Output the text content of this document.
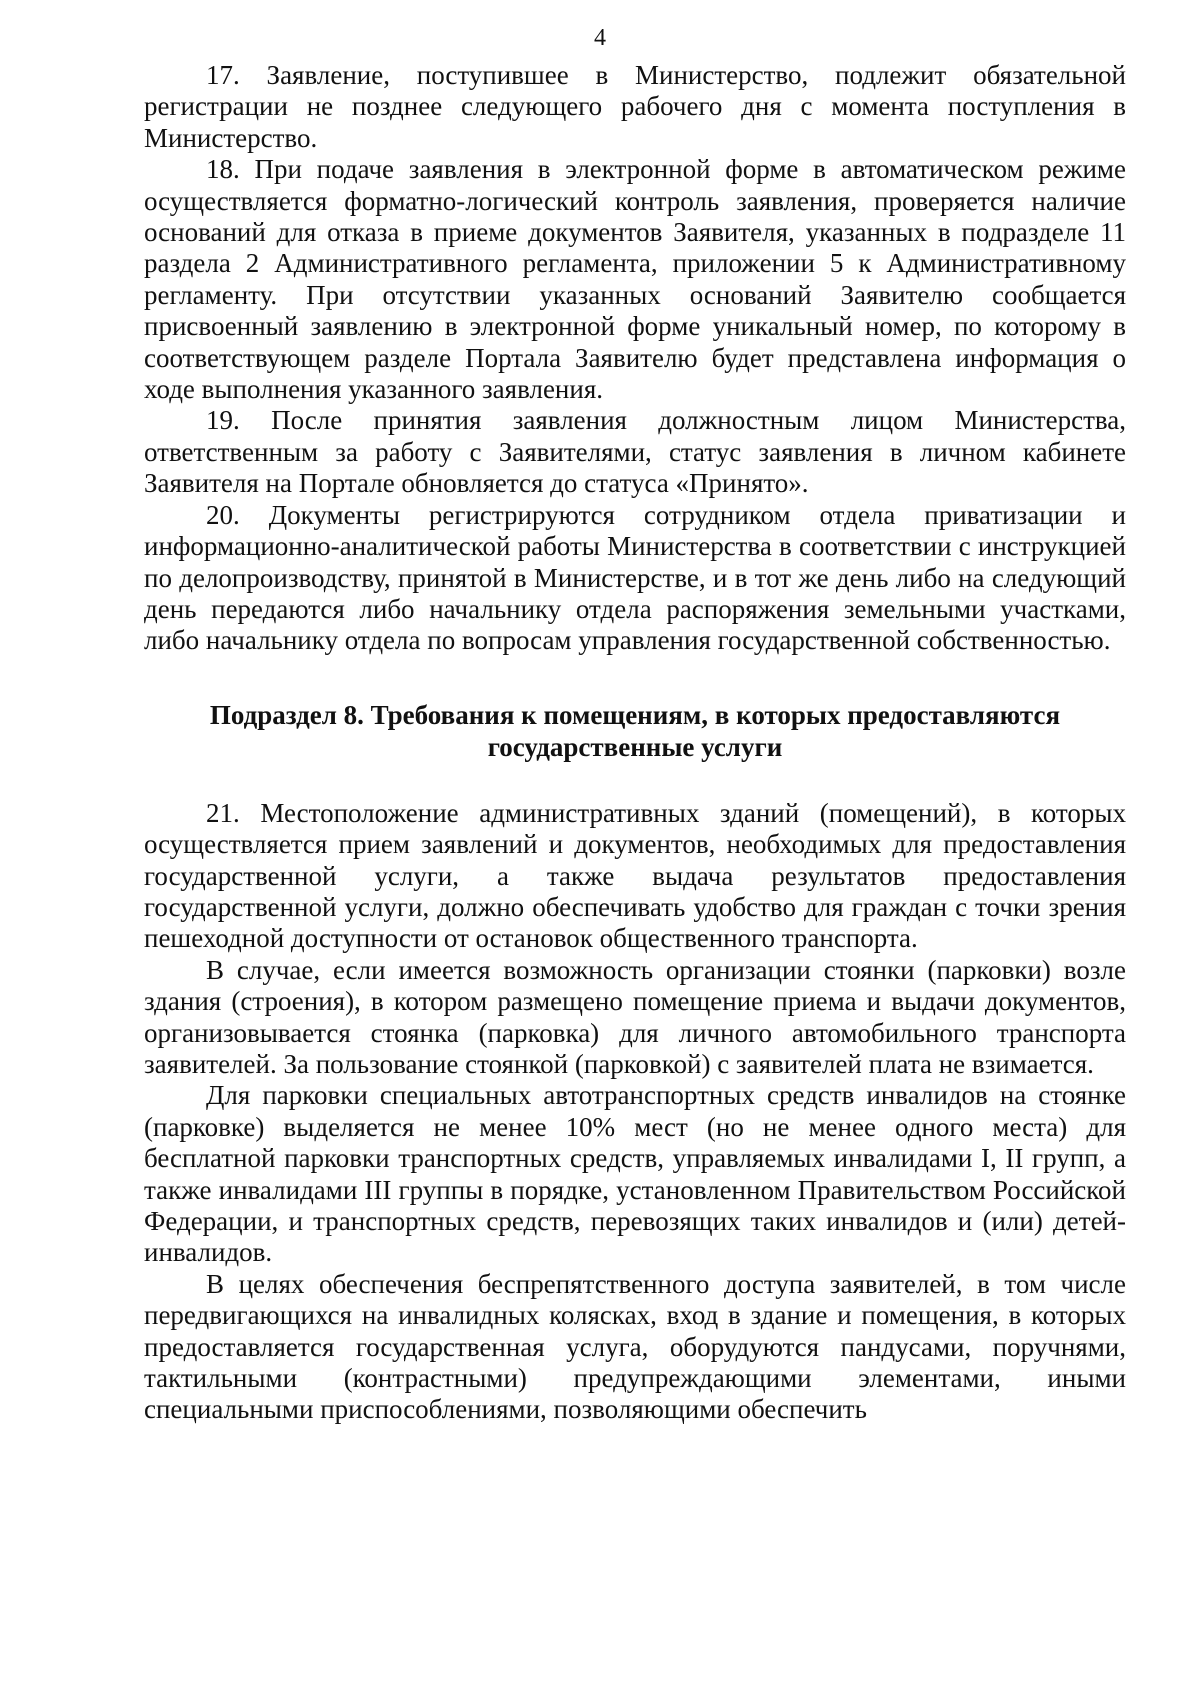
4

17. Заявление, поступившее в Министерство, подлежит обязательной регистрации не позднее следующего рабочего дня с момента поступления в Министерство.

18. При подаче заявления в электронной форме в автоматическом режиме осуществляется форматно-логический контроль заявления, проверяется наличие оснований для отказа в приеме документов Заявителя, указанных в подразделе 11 раздела 2 Административного регламента, приложении 5 к Административному регламенту. При отсутствии указанных оснований Заявителю сообщается присвоенный заявлению в электронной форме уникальный номер, по которому в соответствующем разделе Портала Заявителю будет представлена информация о ходе выполнения указанного заявления.

19. После принятия заявления должностным лицом Министерства, ответственным за работу с Заявителями, статус заявления в личном кабинете Заявителя на Портале обновляется до статуса «Принято».

20. Документы регистрируются сотрудником отдела приватизации и информационно-аналитической работы Министерства в соответствии с инструкцией по делопроизводству, принятой в Министерстве, и в тот же день либо на следующий день передаются либо начальнику отдела распоряжения земельными участками, либо начальнику отдела по вопросам управления государственной собственностью.

Подраздел 8. Требования к помещениям, в которых предоставляются государственные услуги

21. Местоположение административных зданий (помещений), в которых осуществляется прием заявлений и документов, необходимых для предоставления государственной услуги, а также выдача результатов предоставления государственной услуги, должно обеспечивать удобство для граждан с точки зрения пешеходной доступности от остановок общественного транспорта.

В случае, если имеется возможность организации стоянки (парковки) возле здания (строения), в котором размещено помещение приема и выдачи документов, организовывается стоянка (парковка) для личного автомобильного транспорта заявителей. За пользование стоянкой (парковкой) с заявителей плата не взимается.

Для парковки специальных автотранспортных средств инвалидов на стоянке (парковке) выделяется не менее 10% мест (но не менее одного места) для бесплатной парковки транспортных средств, управляемых инвалидами I, II групп, а также инвалидами III группы в порядке, установленном Правительством Российской Федерации, и транспортных средств, перевозящих таких инвалидов и (или) детей-инвалидов.

В целях обеспечения беспрепятственного доступа заявителей, в том числе передвигающихся на инвалидных колясках, вход в здание и помещения, в которых предоставляется государственная услуга, оборудуются пандусами, поручнями, тактильными (контрастными) предупреждающими элементами, иными специальными приспособлениями, позволяющими обеспечить
